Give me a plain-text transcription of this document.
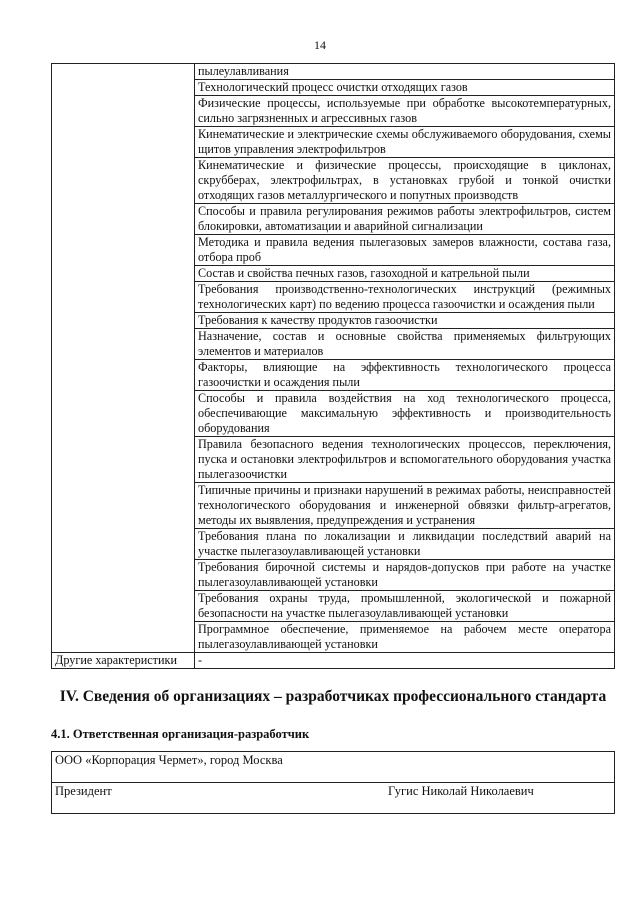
14
	пылеулавливания
	Технологический процесс очистки отходящих газов
	Физические процессы, используемые при обработке высокотемпературных, сильно загрязненных и агрессивных газов
	Кинематические и электрические схемы обслуживаемого оборудования, схемы щитов управления электрофильтров
	Кинематические и физические процессы, происходящие в циклонах, скрубберах, электрофильтрах, в установках грубой и тонкой очистки отходящих газов металлургического и попутных производств
	Способы и правила регулирования режимов работы электрофильтров, систем блокировки, автоматизации и аварийной сигнализации
	Методика и правила ведения пылегазовых замеров влажности, состава газа, отбора проб
	Состав и свойства печных газов, газоходной и катрельной пыли
	Требования производственно-технологических инструкций (режимных технологических карт) по ведению процесса газоочистки и осаждения пыли
	Требования к качеству продуктов газоочистки
	Назначение, состав и основные свойства применяемых фильтрующих элементов и материалов
	Факторы, влияющие на эффективность технологического процесса газоочистки и осаждения пыли
	Способы и правила воздействия на ход технологического процесса, обеспечивающие максимальную эффективность и производительность оборудования
	Правила безопасного ведения технологических процессов, переключения, пуска и остановки электрофильтров и вспомогательного оборудования участка пылегазоочистки
	Типичные причины и признаки нарушений в режимах работы, неисправностей технологического оборудования и инженерной обвязки фильтр-агрегатов, методы их выявления, предупреждения и устранения
	Требования плана по локализации и ликвидации последствий аварий на участке пылегазоулавливающей установки
	Требования бирочной системы и нарядов-допусков при работе на участке пылегазоулавливающей установки
	Требования охраны труда, промышленной, экологической и пожарной безопасности на участке пылегазоулавливающей установки
	Программное обеспечение, применяемое на рабочем месте оператора пылегазоулавливающей установки
Другие характеристики	-
IV. Сведения об организациях – разработчиках профессионального стандарта
4.1. Ответственная организация-разработчик
ООО «Корпорация Чермет», город Москва
Президент	Гугис Николай Николаевич
